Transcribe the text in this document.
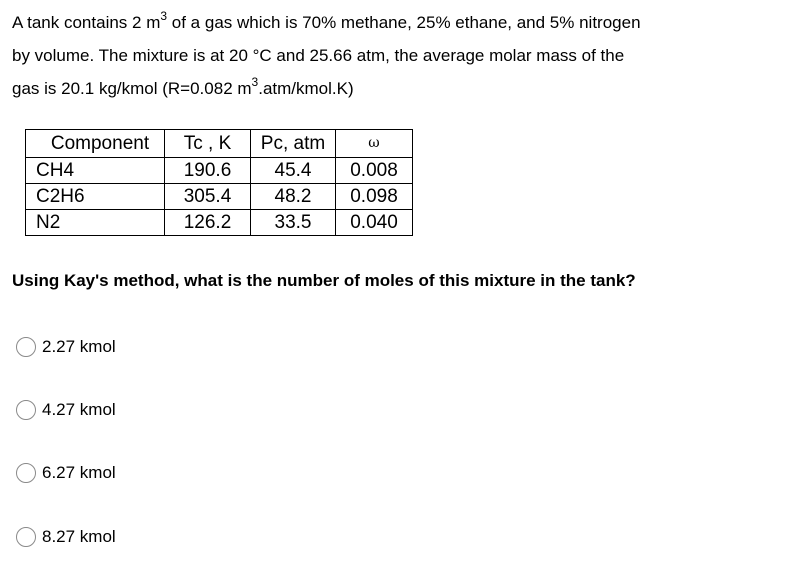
A tank contains 2 $m^3$ of a gas which is 70% methane, 25% ethane, and 5% nitrogen
by volume. The mixture is at 20 °C and 25.66 atm, the average molar mass of the
gas is 20.1 kg/kmol (R=0.082 $m^3.atm/kmol.K$)

Component	Tc , K	Pc, atm	ω
CH4	190.6	45.4	0.008
C2H6	305.4	48.2	0.098
N2	126.2	33.5	0.040

Using Kay's method, what is the number of moles of this mixture in the tank?

2.27 kmol
4.27 kmol
6.27 kmol
8.27 kmol
